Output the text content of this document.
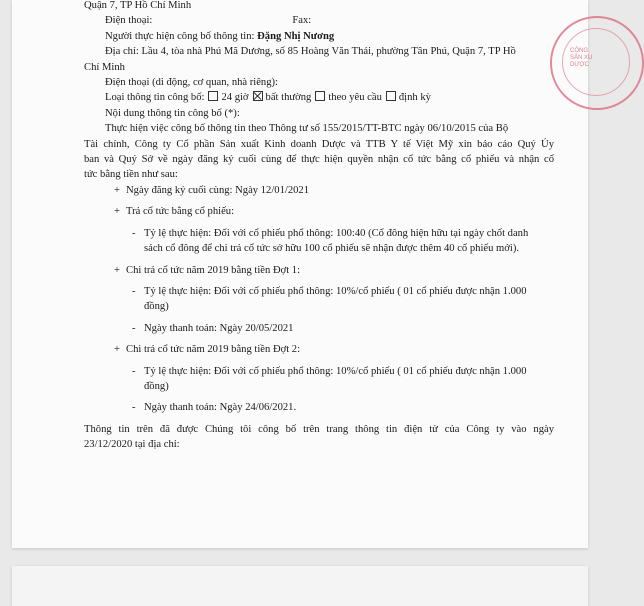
Quận 7, TP Hồ Chí Minh
Điện thoại:	Fax:
Người thực hiện công bố thông tin: Đặng Nhị Nương
Địa chỉ: Lầu 4, tòa nhà Phú Mã Dương, số 85 Hoàng Văn Thái, phường Tân Phú, Quận 7, TP Hồ
Chí Minh
Điện thoại (di động, cơ quan, nhà riêng):
Loại thông tin công bố: 24 giờ bất thường theo yêu cầu định kỳ
Nội dung thông tin công bố (*):
Thực hiện việc công bố thông tin theo Thông tư số 155/2015/TT-BTC ngày 06/10/2015 của Bộ
Tài chính, Công ty Cổ phần Sản xuất Kinh doanh Dược và TTB Y tế Việt Mỹ xin báo cáo Quý Ủy
ban và Quý Sở về ngày đăng ký cuối cùng để thực hiện quyền nhận cổ tức bằng cổ phiếu và nhận cổ
tức bằng tiền như sau:
+ Ngày đăng ký cuối cùng: Ngày 12/01/2021
+ Trả cổ tức bằng cổ phiếu:
- Tỷ lệ thực hiện: Đối với cổ phiếu phổ thông: 100:40 (Cổ đông hiện hữu tại ngày chốt danh
sách cổ đông để chi trả cổ tức sở hữu 100 cổ phiếu sẽ nhận được thêm 40 cổ phiếu mới).
+ Chi trả cổ tức năm 2019 bằng tiền Đợt 1:
- Tỷ lệ thực hiện: Đối với cổ phiếu phổ thông: 10%/cổ phiếu ( 01 cổ phiếu được nhận 1.000
đồng)
- Ngày thanh toán: Ngày 20/05/2021
+ Chi trả cổ tức năm 2019 bằng tiền Đợt 2:
- Tỷ lệ thực hiện: Đối với cổ phiếu phổ thông: 10%/cổ phiếu ( 01 cổ phiếu được nhận 1.000
đồng)
- Ngày thanh toán: Ngày 24/06/2021.
Thông tin trên đã được Chúng tôi công bố trên trang thông tin điện tử của Công ty vào ngày
23/12/2020 tại địa chỉ:
CÔNG
SẢN XU
DƯỢC
